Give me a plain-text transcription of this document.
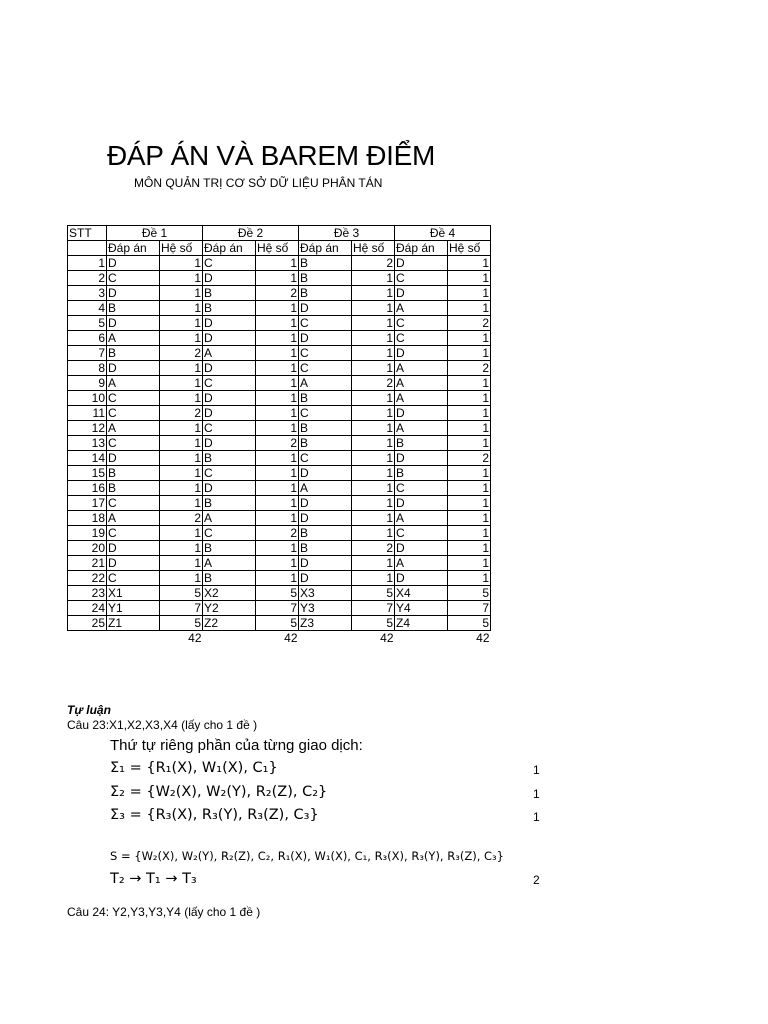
ĐÁP ÁN VÀ BAREM ĐIỂM
MÔN QUẢN TRỊ CƠ SỞ DỮ LIỆU PHÂN TÁN
STT	Đề 1		Đề 2		Đề 3		Đề 4	
	Đáp án	Hệ số	Đáp án	Hệ số	Đáp án	Hệ số	Đáp án	Hệ số
1	D	1	C	1	B	2	D	1
2	C	1	D	1	B	1	C	1
3	D	1	B	2	B	1	D	1
4	B	1	B	1	D	1	A	1
5	D	1	D	1	C	1	C	2
6	A	1	D	1	D	1	C	1
7	B	2	A	1	C	1	D	1
8	D	1	D	1	C	1	A	2
9	A	1	C	1	A	2	A	1
10	C	1	D	1	B	1	A	1
11	C	2	D	1	C	1	D	1
12	A	1	C	1	B	1	A	1
13	C	1	D	2	B	1	B	1
14	D	1	B	1	C	1	D	2
15	B	1	C	1	D	1	B	1
16	B	1	D	1	A	1	C	1
17	C	1	B	1	D	1	D	1
18	A	2	A	1	D	1	A	1
19	C	1	C	2	B	1	C	1
20	D	1	B	1	B	2	D	1
21	D	1	A	1	D	1	A	1
22	C	1	B	1	D	1	D	1
23	X1	5	X2	5	X3	5	X4	5
24	Y1	7	Y2	7	Y3	7	Y4	7
25	Z1	5	Z2	5	Z3	5	Z4	5
		42		42		42		42
Tự luận
Câu 23:X1,X2,X3,X4 (lấy cho 1 đề )
Thứ tự riêng phần của từng giao dịch:
Σ₁ = {R₁(X), W₁(X), C₁}	1
Σ₂ = {W₂(X), W₂(Y), R₂(Z), C₂}	1
Σ₃ = {R₃(X), R₃(Y), R₃(Z), C₃}	1
S = {W₂(X), W₂(Y), R₂(Z), C₂, R₁(X), W₁(X), C₁, R₃(X), R₃(Y), R₃(Z), C₃}
T₂ → T₁ → T₃	2
Câu 24: Y2,Y3,Y3,Y4 (lấy cho 1 đề )
